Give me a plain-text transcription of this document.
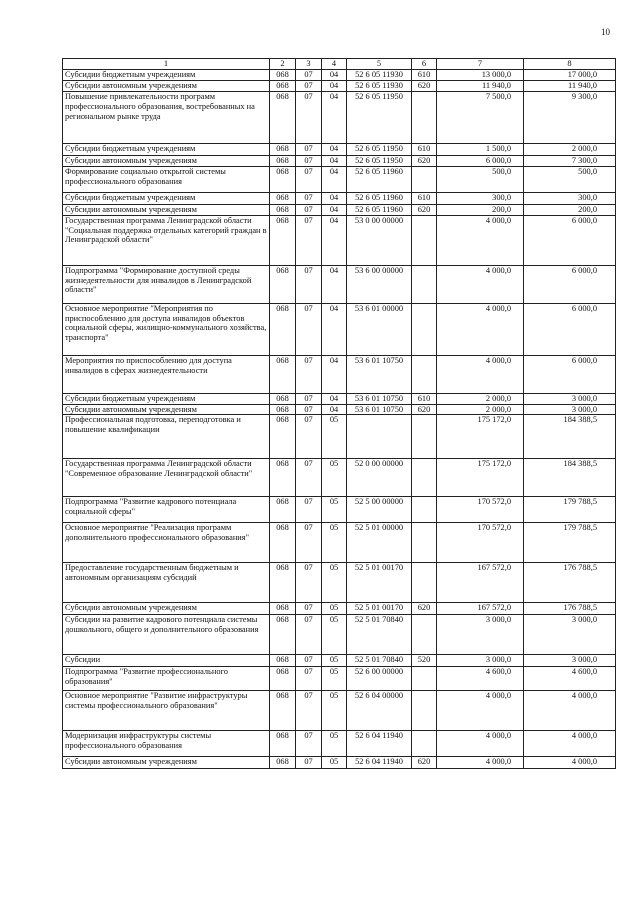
10
1	2	3	4	5	6	7	8
Субсидии бюджетным учреждениям	068	07	04	52 6 05 11930	610	13 000,0	17 000,0
Субсидии автономным учреждениям	068	07	04	52 6 05 11930	620	11 940,0	11 940,0
Повышение привлекательности программ профессионального образования, востребованных на региональном рынке труда	068	07	04	52 6 05 11950		7 500,0	9 300,0
Субсидии бюджетным учреждениям	068	07	04	52 6 05 11950	610	1 500,0	2 000,0
Субсидии автономным учреждениям	068	07	04	52 6 05 11950	620	6 000,0	7 300,0
Формирование социально открытой системы профессионального образования	068	07	04	52 6 05 11960		500,0	500,0
Субсидии бюджетным учреждениям	068	07	04	52 6 05 11960	610	300,0	300,0
Субсидии автономным учреждениям	068	07	04	52 6 05 11960	620	200,0	200,0
Государственная программа Ленинградской области "Социальная поддержка отдельных категорий граждан в Ленинградской области"	068	07	04	53 0 00 00000		4 000,0	6 000,0
Подпрограмма "Формирование доступной среды жизнедеятельности для инвалидов в Ленинградской области"	068	07	04	53 6 00 00000		4 000,0	6 000,0
Основное мероприятие "Мероприятия по приспособлению для доступа инвалидов объектов социальной сферы, жилищно-коммунального хозяйства, транспорта"	068	07	04	53 6 01 00000		4 000,0	6 000,0
Мероприятия по приспособлению для доступа инвалидов в сферах жизнедеятельности	068	07	04	53 6 01 10750		4 000,0	6 000,0
Субсидии бюджетным учреждениям	068	07	04	53 6 01 10750	610	2 000,0	3 000,0
Субсидии автономным учреждениям	068	07	04	53 6 01 10750	620	2 000,0	3 000,0
Профессиональная подготовка, переподготовка и повышение квалификации	068	07	05			175 172,0	184 388,5
Государственная программа Ленинградской области "Современное образование Ленинградской области"	068	07	05	52 0 00 00000		175 172,0	184 388,5
Подпрограмма "Развитие кадрового потенциала социальной сферы"	068	07	05	52 5 00 00000		170 572,0	179 788,5
Основное мероприятие "Реализация программ дополнительного профессионального образования"	068	07	05	52 5 01 00000		170 572,0	179 788,5
Предоставление государственным бюджетным и автономным организациям субсидий	068	07	05	52 5 01 00170		167 572,0	176 788,5
Субсидии автономным учреждениям	068	07	05	52 5 01 00170	620	167 572,0	176 788,5
Субсидии на развитие кадрового потенциала системы дошкольного, общего и дополнительного образования	068	07	05	52 5 01 70840		3 000,0	3 000,0
Субсидии	068	07	05	52 5 01 70840	520	3 000,0	3 000,0
Подпрограмма "Развитие профессионального образования"	068	07	05	52 6 00 00000		4 600,0	4 600,0
Основное мероприятие "Развитие инфраструктуры системы профессионального образования"	068	07	05	52 6 04 00000		4 000,0	4 000,0
Модернизация инфраструктуры системы профессионального образования	068	07	05	52 6 04 11940		4 000,0	4 000,0
Субсидии автономным учреждениям	068	07	05	52 6 04 11940	620	4 000,0	4 000,0
